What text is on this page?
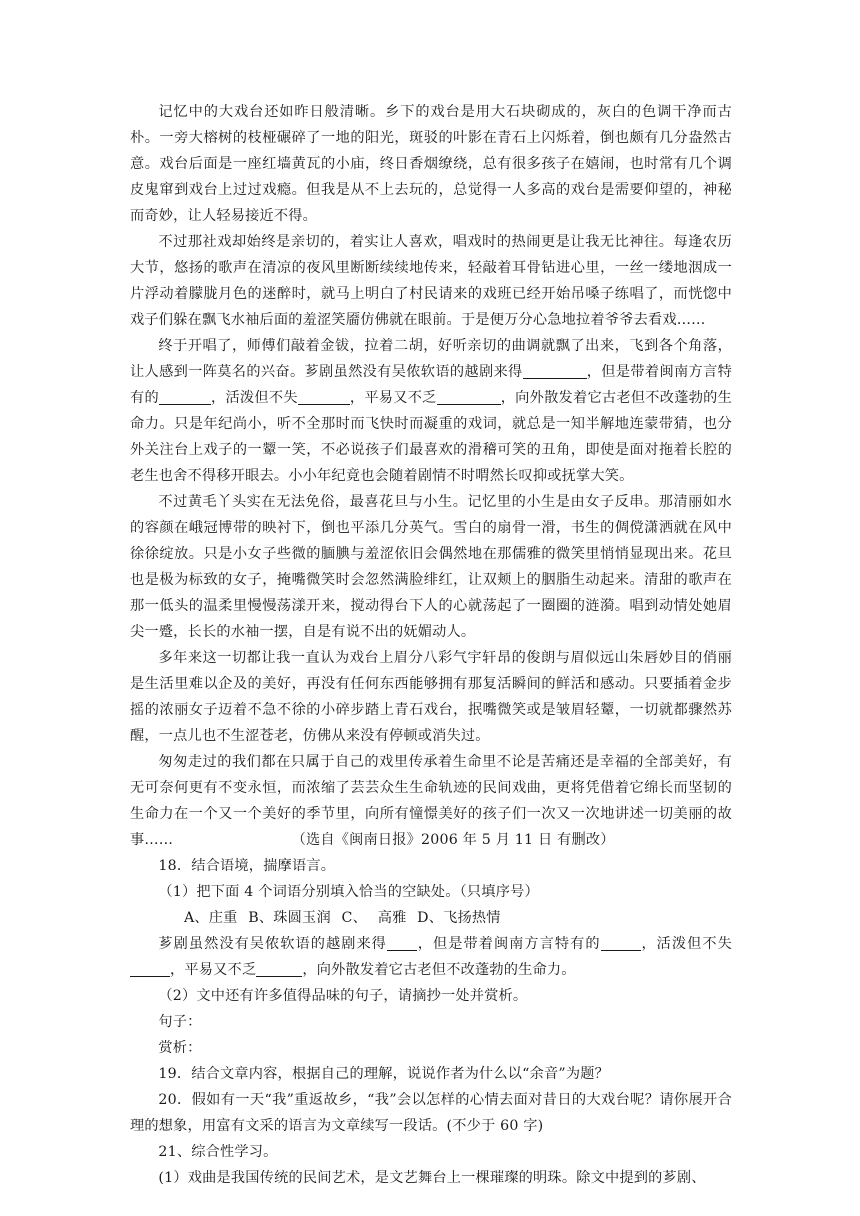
记忆中的大戏台还如昨日般清晰。乡下的戏台是用大石块砌成的，灰白的色调干净而古朴。一旁大榕树的枝桠碾碎了一地的阳光，斑驳的叶影在青石上闪烁着，倒也颇有几分盎然古意。戏台后面是一座红墙黄瓦的小庙，终日香烟缭绕，总有很多孩子在嬉闹，也时常有几个调皮鬼窜到戏台上过过戏瘾。但我是从不上去玩的，总觉得一人多高的戏台是需要仰望的，神秘而奇妙，让人轻易接近不得。

不过那社戏却始终是亲切的，着实让人喜欢，唱戏时的热闹更是让我无比神往。每逢农历大节，悠扬的歌声在清凉的夜风里断断续续地传来，轻敲着耳骨钻进心里，一丝一缕地洇成一片浮动着朦胧月色的迷醉时，就马上明白了村民请来的戏班已经开始吊嗓子练唱了，而恍惚中戏子们躲在飘飞水袖后面的羞涩笑靥仿佛就在眼前。于是便万分心急地拉着爷爷去看戏……

终于开唱了，师傅们敲着金钹，拉着二胡，好听亲切的曲调就飘了出来，飞到各个角落，让人感到一阵莫名的兴奋。芗剧虽然没有吴侬软语的越剧来得	，但是带着闽南方言特有的	，活泼但不失	，平易又不乏	，向外散发着它古老但不改蓬勃的生命力。只是年纪尚小，听不全那时而飞快时而凝重的戏词，就总是一知半解地连蒙带猜，也分外关注台上戏子的一颦一笑，不必说孩子们最喜欢的滑稽可笑的丑角，即使是面对拖着长腔的老生也舍不得移开眼去。小小年纪竟也会随着剧情不时喟然长叹抑或抚掌大笑。

不过黄毛丫头实在无法免俗，最喜花旦与小生。记忆里的小生是由女子反串。那清丽如水的容颜在峨冠博带的映衬下，倒也平添几分英气。雪白的扇骨一滑，书生的倜傥潇洒就在风中徐徐绽放。只是小女子些微的腼腆与羞涩依旧会偶然地在那儒雅的微笑里悄悄显现出来。花旦也是极为标致的女子，掩嘴微笑时会忽然满脸绯红，让双颊上的胭脂生动起来。清甜的歌声在那一低头的温柔里慢慢荡漾开来，搅动得台下人的心就荡起了一圈圈的涟漪。唱到动情处她眉尖一蹙，长长的水袖一摆，自是有说不出的妩媚动人。

多年来这一切都让我一直认为戏台上眉分八彩气宇轩昂的俊朗与眉似远山朱唇妙目的俏丽是生活里难以企及的美好，再没有任何东西能够拥有那复活瞬间的鲜活和感动。只要插着金步摇的浓丽女子迈着不急不徐的小碎步踏上青石戏台，抿嘴微笑或是皱眉轻颦，一切就都骤然苏醒，一点儿也不生涩苍老，仿佛从来没有停顿或消失过。

匆匆走过的我们都在只属于自己的戏里传承着生命里不论是苦痛还是幸福的全部美好，有无可奈何更有不变永恒，而浓缩了芸芸众生生命轨迹的民间戏曲，更将凭借着它绵长而坚韧的生命力在一个又一个美好的季节里，向所有憧憬美好的孩子们一次又一次地讲述一切美丽的故事……	（选自《闽南日报》2006 年 5 月 11 日 有删改）

18．结合语境，揣摩语言。

（1）把下面 4 个词语分别填入恰当的空缺处。（只填序号）

A、庄重 B、珠圆玉润 C、 高雅 D、飞扬热情

芗剧虽然没有吴侬软语的越剧来得 ，但是带着闽南方言特有的	，活泼但不失，平易又不乏	，向外散发着它古老但不改蓬勃的生命力。

（2）文中还有许多值得品味的句子，请摘抄一处并赏析。

句子：

赏析：

19．结合文章内容，根据自己的理解，说说作者为什么以“余音”为题？

20．假如有一天“我”重返故乡，“我”会以怎样的心情去面对昔日的大戏台呢？请你展开合理的想象，用富有文采的语言为文章续写一段话。(不少于 60 字)

21、综合性学习。

(1）戏曲是我国传统的民间艺术，是文艺舞台上一棵璀璨的明珠。除文中提到的芗剧、
